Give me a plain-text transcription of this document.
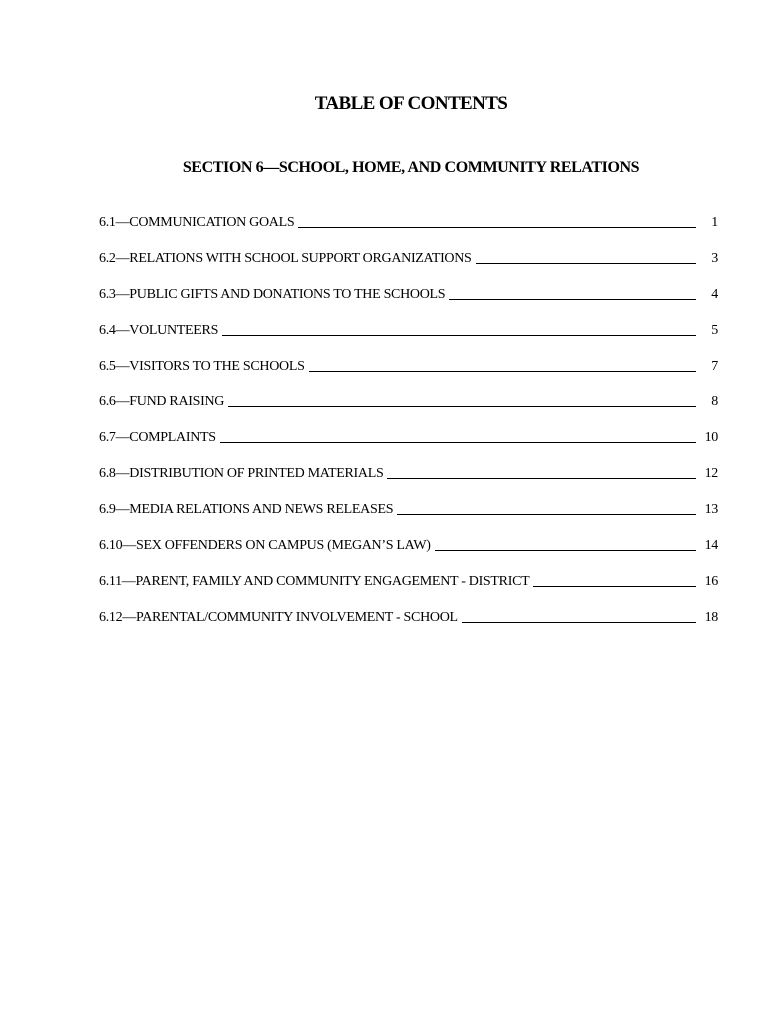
TABLE OF CONTENTS
SECTION 6—SCHOOL, HOME, AND COMMUNITY RELATIONS
6.1—COMMUNICATION GOALS	1
6.2—RELATIONS WITH SCHOOL SUPPORT ORGANIZATIONS	3
6.3—PUBLIC GIFTS AND DONATIONS TO THE SCHOOLS	4
6.4—VOLUNTEERS	5
6.5—VISITORS TO THE SCHOOLS	7
6.6—FUND RAISING	8
6.7—COMPLAINTS	10
6.8—DISTRIBUTION OF PRINTED MATERIALS	12
6.9—MEDIA RELATIONS AND NEWS RELEASES	13
6.10—SEX OFFENDERS ON CAMPUS (MEGAN’S LAW)	14
6.11—PARENT, FAMILY AND COMMUNITY ENGAGEMENT - DISTRICT	16
6.12—PARENTAL/COMMUNITY INVOLVEMENT - SCHOOL	18
